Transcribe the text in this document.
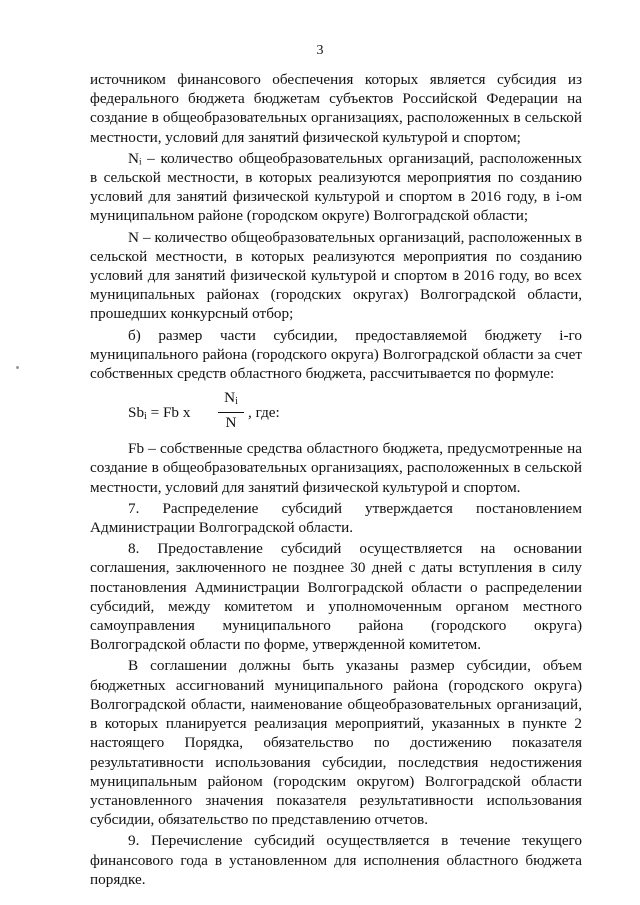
3

источником финансового обеспечения которых является субсидия из федерального бюджета бюджетам субъектов Российской Федерации на создание в общеобразовательных организациях, расположенных в сельской местности, условий для занятий физической культурой и спортом;

Nᵢ – количество общеобразовательных организаций, расположенных в сельской местности, в которых реализуются мероприятия по созданию условий для занятий физической культурой и спортом в 2016 году, в i-ом муниципальном районе (городском округе) Волгоградской области;

N – количество общеобразовательных организаций, расположенных в сельской местности, в которых реализуются мероприятия по созданию условий для занятий физической культурой и спортом в 2016 году, во всех муниципальных районах (городских округах) Волгоградской области, прошедших конкурсный отбор;

б) размер части субсидии, предоставляемой бюджету i-го муниципального района (городского округа) Волгоградской области за счет собственных средств областного бюджета, рассчитывается по формуле:

$Sb_i = Fb$ x
$N_i$
N
, где:

Fb – собственные средства областного бюджета, предусмотренные на создание в общеобразовательных организациях, расположенных в сельской местности, условий для занятий физической культурой и спортом.

7. Распределение субсидий утверждается постановлением Администрации Волгоградской области.

8. Предоставление субсидий осуществляется на основании соглашения, заключенного не позднее 30 дней с даты вступления в силу постановления Администрации Волгоградской области о распределении субсидий, между комитетом и уполномоченным органом местного самоуправления муниципального района (городского округа) Волгоградской области по форме, утвержденной комитетом.

В соглашении должны быть указаны размер субсидии, объем бюджетных ассигнований муниципального района (городского округа) Волгоградской области, наименование общеобразовательных организаций, в которых планируется реализация мероприятий, указанных в пункте 2 настоящего Порядка, обязательство по достижению показателя результативности использования субсидии, последствия недостижения муниципальным районом (городским округом) Волгоградской области установленного значения показателя результативности использования субсидии, обязательство по представлению отчетов.

9. Перечисление субсидий осуществляется в течение текущего финансового года в установленном для исполнения областного бюджета порядке.
